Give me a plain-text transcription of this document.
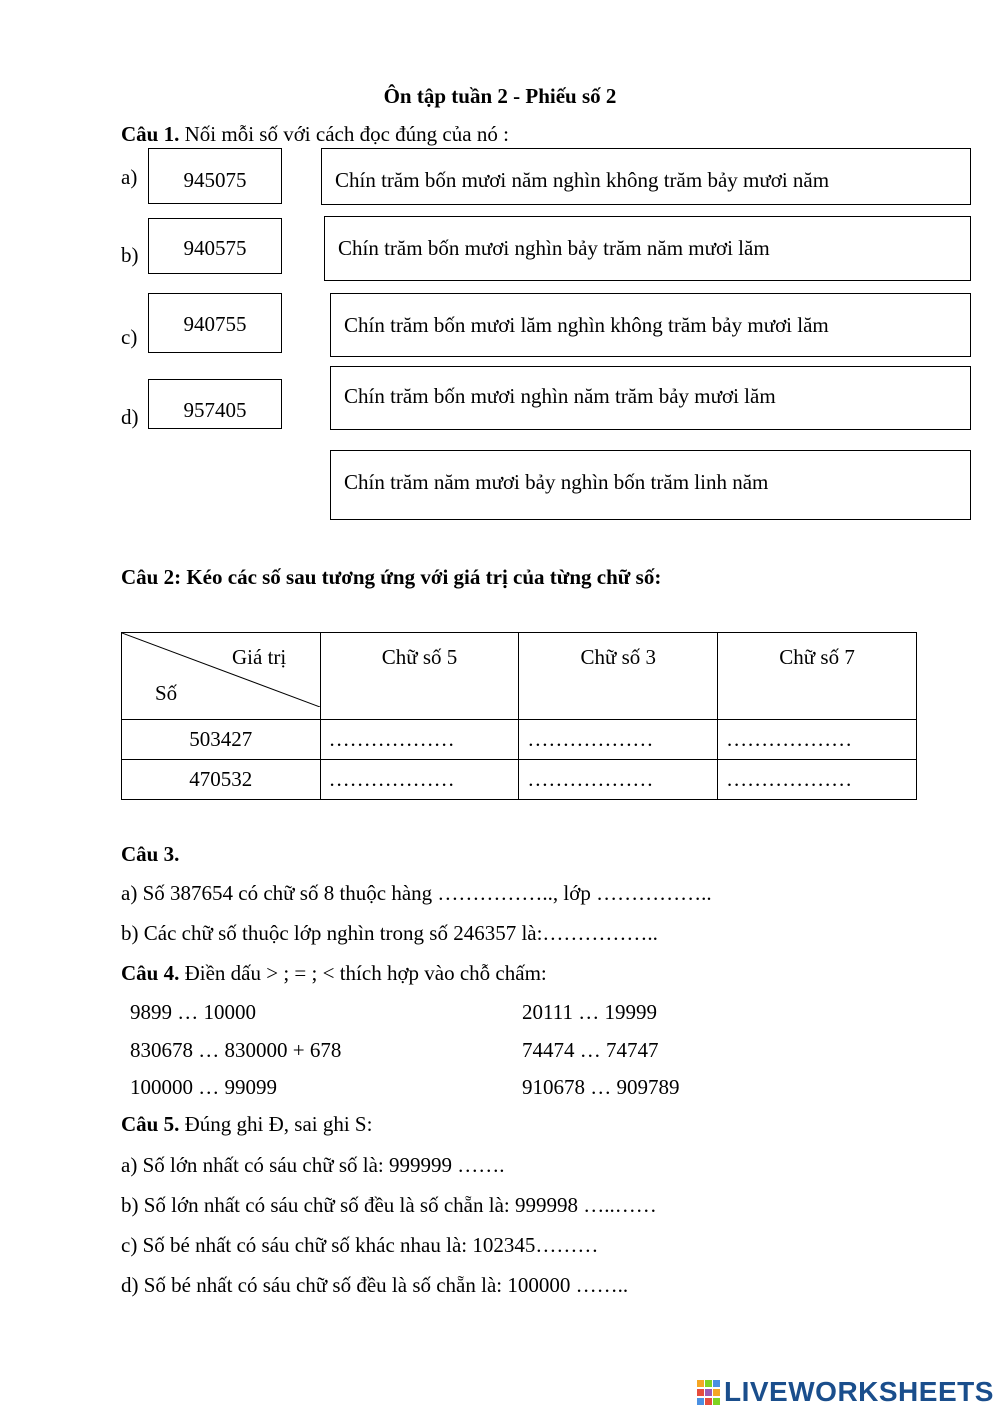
Ôn tập tuần 2 - Phiếu số 2
Câu 1. Nối mỗi số với cách đọc đúng của nó :
a)
b)
c)
d)
945075
940575
940755
957405
Chín trăm bốn mươi năm nghìn không trăm bảy mươi năm
Chín trăm bốn mươi nghìn bảy trăm năm mươi lăm
Chín trăm bốn mươi lăm nghìn không trăm bảy mươi lăm
Chín trăm bốn mươi nghìn năm trăm bảy mươi lăm
Chín trăm năm mươi bảy nghìn bốn trăm linh năm
Câu 2: Kéo các số sau tương ứng với giá trị của từng chữ số:
Giá trị
Số	Chữ số 5	Chữ số 3	Chữ số 7
503427	………………	………………	………………
470532	………………	………………	………………
Câu 3.
a) Số 387654 có chữ số 8 thuộc hàng …………….., lớp ……………..
b) Các chữ số thuộc lớp nghìn trong số 246357 là:……………..
Câu 4. Điền dấu > ; = ; < thích hợp vào chỗ chấm:
9899 … 10000
830678 … 830000 + 678
100000 … 99099
20111 … 19999
74474 … 74747
910678 … 909789
Câu 5. Đúng ghi Đ, sai ghi S:
a) Số lớn nhất có sáu chữ số là: 999999 …….
b) Số lớn nhất có sáu chữ số đều là số chẵn là: 999998 …..……
c) Số bé nhất có sáu chữ số khác nhau là: 102345………
d) Số bé nhất có sáu chữ số đều là số chẵn là: 100000 ……..
LIVEWORKSHEETS
